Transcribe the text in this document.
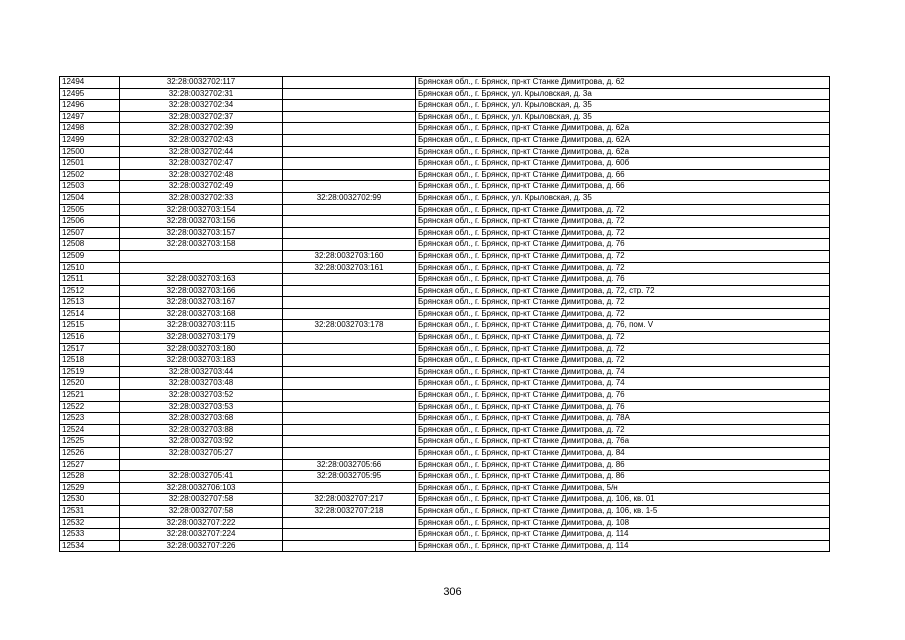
12494	32:28:0032702:117		Брянская обл., г. Брянск, пр-кт Станке Димитрова, д. 62
12495	32:28:0032702:31		Брянская обл., г. Брянск, ул. Крыловская, д. 3а
12496	32:28:0032702:34		Брянская обл., г. Брянск, ул. Крыловская, д. 35
12497	32:28:0032702:37		Брянская обл., г. Брянск, ул. Крыловская, д. 35
12498	32:28:0032702:39		Брянская обл., г. Брянск, пр-кт Станке Димитрова, д. 62а
12499	32:28:0032702:43		Брянская обл., г. Брянск, пр-кт Станке Димитрова, д. 62А
12500	32:28:0032702:44		Брянская обл., г. Брянск, пр-кт Станке Димитрова, д. 62а
12501	32:28:0032702:47		Брянская обл., г. Брянск, пр-кт Станке Димитрова, д. 60б
12502	32:28:0032702:48		Брянская обл., г. Брянск, пр-кт Станке Димитрова, д. 66
12503	32:28:0032702:49		Брянская обл., г. Брянск, пр-кт Станке Димитрова, д. 66
12504	32:28:0032702:33	32:28:0032702:99	Брянская обл., г. Брянск, ул. Крыловская, д. 35
12505	32:28:0032703:154		Брянская обл., г. Брянск, пр-кт Станке Димитрова, д. 72
12506	32:28:0032703:156		Брянская обл., г. Брянск, пр-кт Станке Димитрова, д. 72
12507	32:28:0032703:157		Брянская обл., г. Брянск, пр-кт Станке Димитрова, д. 72
12508	32:28:0032703:158		Брянская обл., г. Брянск, пр-кт Станке Димитрова, д. 76
12509		32:28:0032703:160	Брянская обл., г. Брянск, пр-кт Станке Димитрова, д. 72
12510		32:28:0032703:161	Брянская обл., г. Брянск, пр-кт Станке Димитрова, д. 72
12511	32:28:0032703:163		Брянская обл., г. Брянск, пр-кт Станке Димитрова, д. 76
12512	32:28:0032703:166		Брянская обл., г. Брянск, пр-кт Станке Димитрова, д. 72, стр. 72
12513	32:28:0032703:167		Брянская обл., г. Брянск, пр-кт Станке Димитрова, д. 72
12514	32:28:0032703:168		Брянская обл., г. Брянск, пр-кт Станке Димитрова, д. 72
12515	32:28:0032703:115	32:28:0032703:178	Брянская обл., г. Брянск, пр-кт Станке Димитрова, д. 76, пом. V
12516	32:28:0032703:179		Брянская обл., г. Брянск, пр-кт Станке Димитрова, д. 72
12517	32:28:0032703:180		Брянская обл., г. Брянск, пр-кт Станке Димитрова, д. 72
12518	32:28:0032703:183		Брянская обл., г. Брянск, пр-кт Станке Димитрова, д. 72
12519	32:28:0032703:44		Брянская обл., г. Брянск, пр-кт Станке Димитрова, д. 74
12520	32:28:0032703:48		Брянская обл., г. Брянск, пр-кт Станке Димитрова, д. 74
12521	32:28:0032703:52		Брянская обл., г. Брянск, пр-кт Станке Димитрова, д. 76
12522	32:28:0032703:53		Брянская обл., г. Брянск, пр-кт Станке Димитрова, д. 76
12523	32:28:0032703:68		Брянская обл., г. Брянск, пр-кт Станке Димитрова, д. 78А
12524	32:28:0032703:88		Брянская обл., г. Брянск, пр-кт Станке Димитрова, д. 72
12525	32:28:0032703:92		Брянская обл., г. Брянск, пр-кт Станке Димитрова, д. 76а
12526	32:28:0032705:27		Брянская обл., г. Брянск, пр-кт Станке Димитрова, д. 84
12527		32:28:0032705:66	Брянская обл., г. Брянск, пр-кт Станке Димитрова, д. 86
12528	32:28:0032705:41	32:28:0032705:95	Брянская обл., г. Брянск, пр-кт Станке Димитрова, д. 86
12529	32:28:0032706:103		Брянская обл., г. Брянск, пр-кт Станке Димитрова, 5/н
12530	32:28:0032707:58	32:28:0032707:217	Брянская обл., г. Брянск, пр-кт Станке Димитрова, д. 106, кв. 01
12531	32:28:0032707:58	32:28:0032707:218	Брянская обл., г. Брянск, пр-кт Станке Димитрова, д. 106, кв. 1-5
12532	32:28:0032707:222		Брянская обл., г. Брянск, пр-кт Станке Димитрова, д. 108
12533	32:28:0032707:224		Брянская обл., г. Брянск, пр-кт Станке Димитрова, д. 114
12534	32:28:0032707:226		Брянская обл., г. Брянск, пр-кт Станке Димитрова, д. 114
306
